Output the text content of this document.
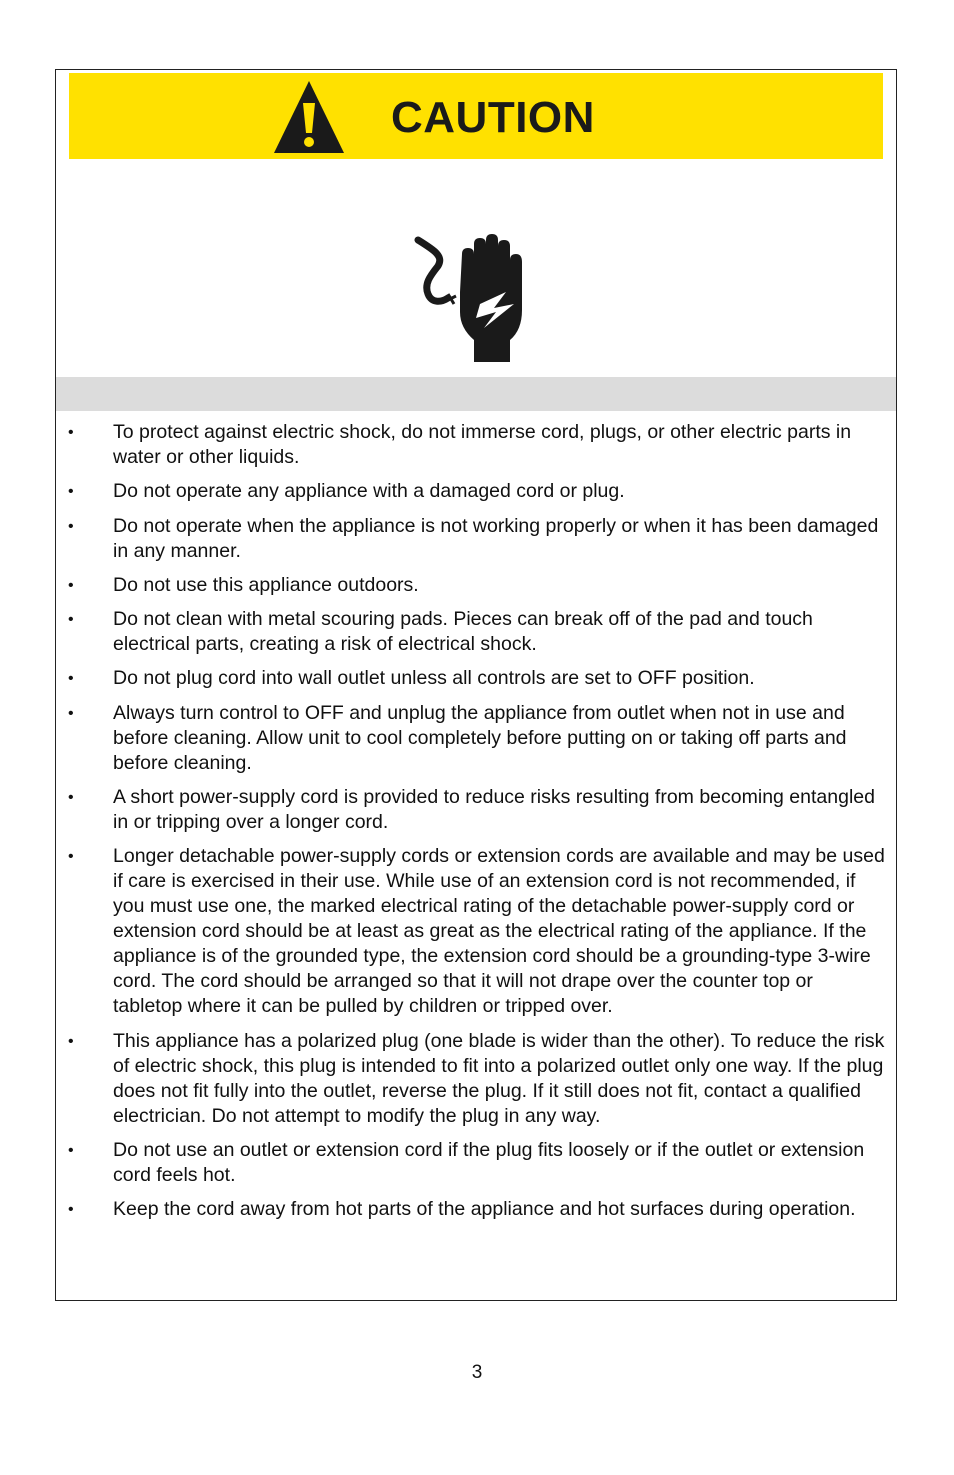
CAUTION
• To protect against electric shock, do not immerse cord, plugs, or other electric parts in water or other liquids.
• Do not operate any appliance with a damaged cord or plug.
• Do not operate when the appliance is not working properly or when it has been damaged in any manner.
• Do not use this appliance outdoors.
• Do not clean with metal scouring pads. Pieces can break off of the pad and touch electrical parts, creating a risk of electrical shock.
• Do not plug cord into wall outlet unless all controls are set to OFF position.
• Always turn control to OFF and unplug the appliance from outlet when not in use and before cleaning. Allow unit to cool completely before putting on or taking off parts and before cleaning.
• A short power-supply cord is provided to reduce risks resulting from becoming entangled in or tripping over a longer cord.
• Longer detachable power-supply cords or extension cords are available and may be used if care is exercised in their use. While use of an extension cord is not recommended, if you must use one, the marked electrical rating of the detachable power-supply cord or extension cord should be at least as great as the electrical rating of the appliance. If the appliance is of the grounded type, the extension cord should be a grounding-type 3-wire cord. The cord should be arranged so that it will not drape over the counter top or tabletop where it can be pulled by children or tripped over.
• This appliance has a polarized plug (one blade is wider than the other). To reduce the risk of electric shock, this plug is intended to fit into a polarized outlet only one way. If the plug does not fit fully into the outlet, reverse the plug. If it still does not fit, contact a qualified electrician. Do not attempt to modify the plug in any way.
• Do not use an outlet or extension cord if the plug fits loosely or if the outlet or extension cord feels hot.
• Keep the cord away from hot parts of the appliance and hot surfaces during operation.
3
